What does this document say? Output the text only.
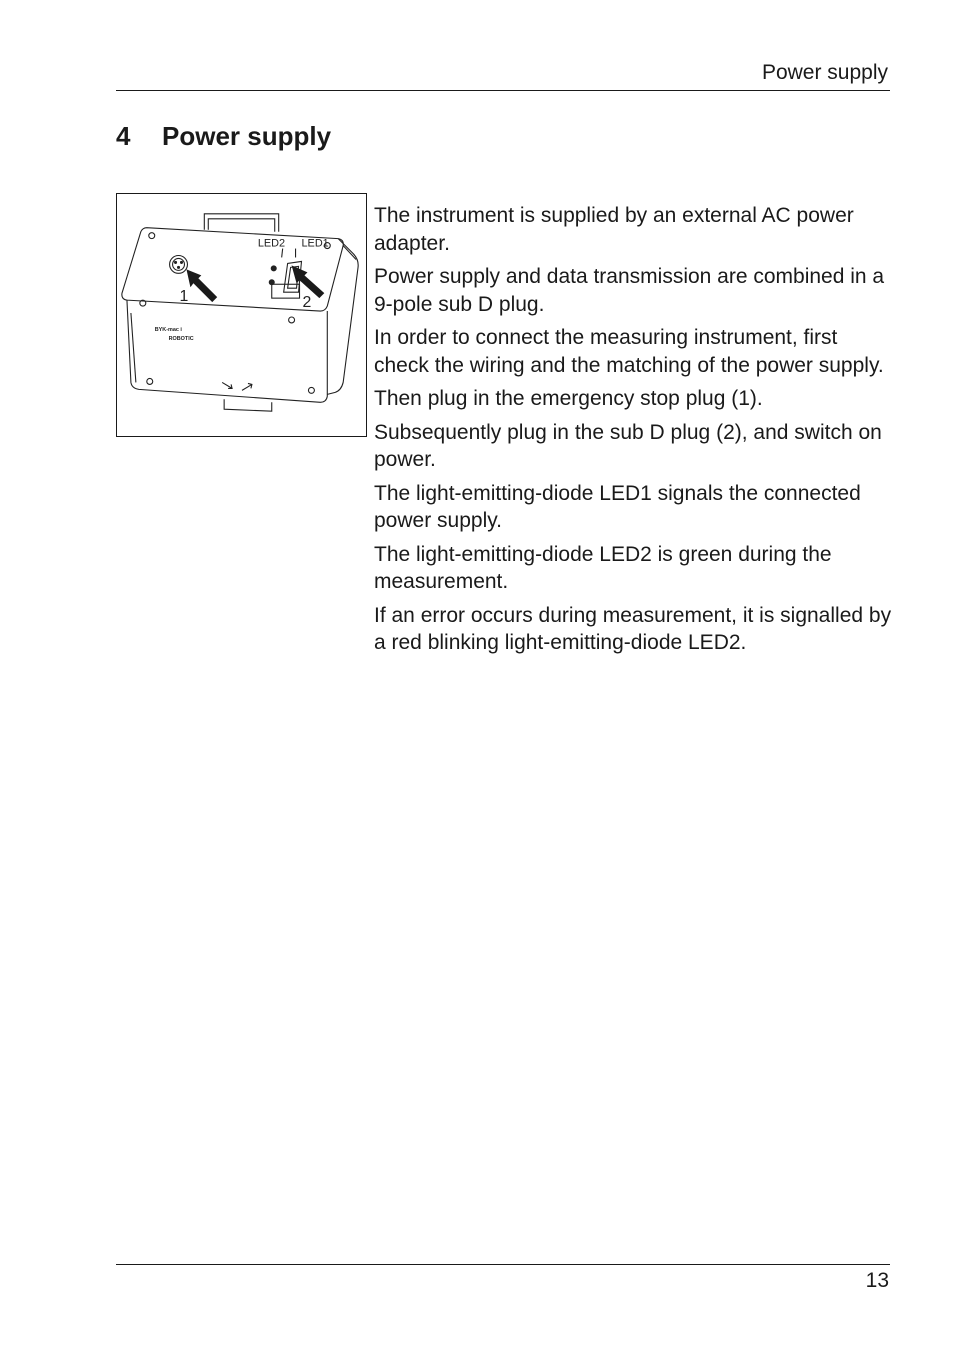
Power supply
4	Power supply
LED2 LED1
1	2
BYK-mac i
ROBOTIC

The instrument is supplied by an external AC power adapter.

Power supply and data transmission are combined in a 9-pole sub D plug.

In order to connect the measuring instrument, first check the wiring and the matching of the power supply.

Then plug in the emergency stop plug (1).

Subsequently plug in the sub D plug (2), and switch on power.

The light-emitting-diode LED1 signals the connected power supply.

The light-emitting-diode LED2 is green during the measurement.

If an error occurs during measurement, it is signalled by a red blinking light-emitting-diode LED2.

13
